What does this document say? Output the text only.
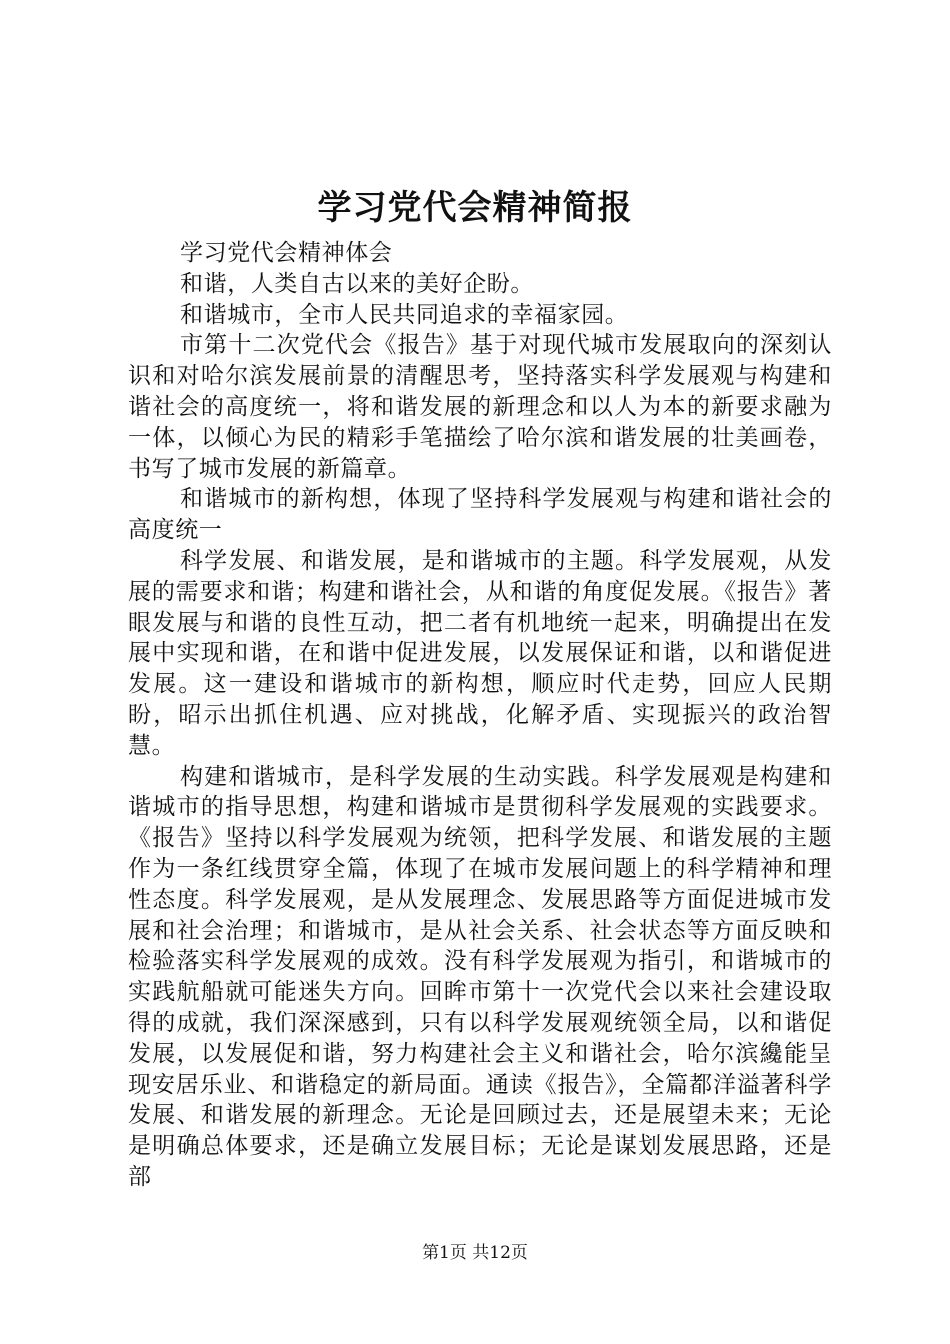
学习党代会精神简报

学习党代会精神体会

和谐，人类自古以来的美好企盼。

和谐城市，全市人民共同追求的幸福家园。

市第十二次党代会《报告》基于对现代城市发展取向的深刻认识和对哈尔滨发展前景的清醒思考，坚持落实科学发展观与构建和谐社会的高度统一，将和谐发展的新理念和以人为本的新要求融为一体，以倾心为民的精彩手笔描绘了哈尔滨和谐发展的壮美画卷，书写了城市发展的新篇章。

和谐城市的新构想，体现了坚持科学发展观与构建和谐社会的高度统一

科学发展、和谐发展，是和谐城市的主题。科学发展观，从发展的需要求和谐；构建和谐社会，从和谐的角度促发展。《报告》著眼发展与和谐的良性互动，把二者有机地统一起来，明确提出在发展中实现和谐，在和谐中促进发展，以发展保证和谐，以和谐促进发展。这一建设和谐城市的新构想，顺应时代走势，回应人民期盼，昭示出抓住机遇、应对挑战，化解矛盾、实现振兴的政治智慧。

构建和谐城市，是科学发展的生动实践。科学发展观是构建和谐城市的指导思想，构建和谐城市是贯彻科学发展观的实践要求。《报告》坚持以科学发展观为统领，把科学发展、和谐发展的主题作为一条红线贯穿全篇，体现了在城市发展问题上的科学精神和理性态度。科学发展观，是从发展理念、发展思路等方面促进城市发展和社会治理；和谐城市，是从社会关系、社会状态等方面反映和检验落实科学发展观的成效。没有科学发展观为指引，和谐城市的实践航船就可能迷失方向。回眸市第十一次党代会以来社会建设取得的成就，我们深深感到，只有以科学发展观统领全局，以和谐促发展，以发展促和谐，努力构建社会主义和谐社会，哈尔滨纔能呈现安居乐业、和谐稳定的新局面。通读《报告》，全篇都洋溢著科学发展、和谐发展的新理念。无论是回顾过去，还是展望未来；无论是明确总体要求，还是确立发展目标；无论是谋划发展思路，还是部

第1页 共12页
